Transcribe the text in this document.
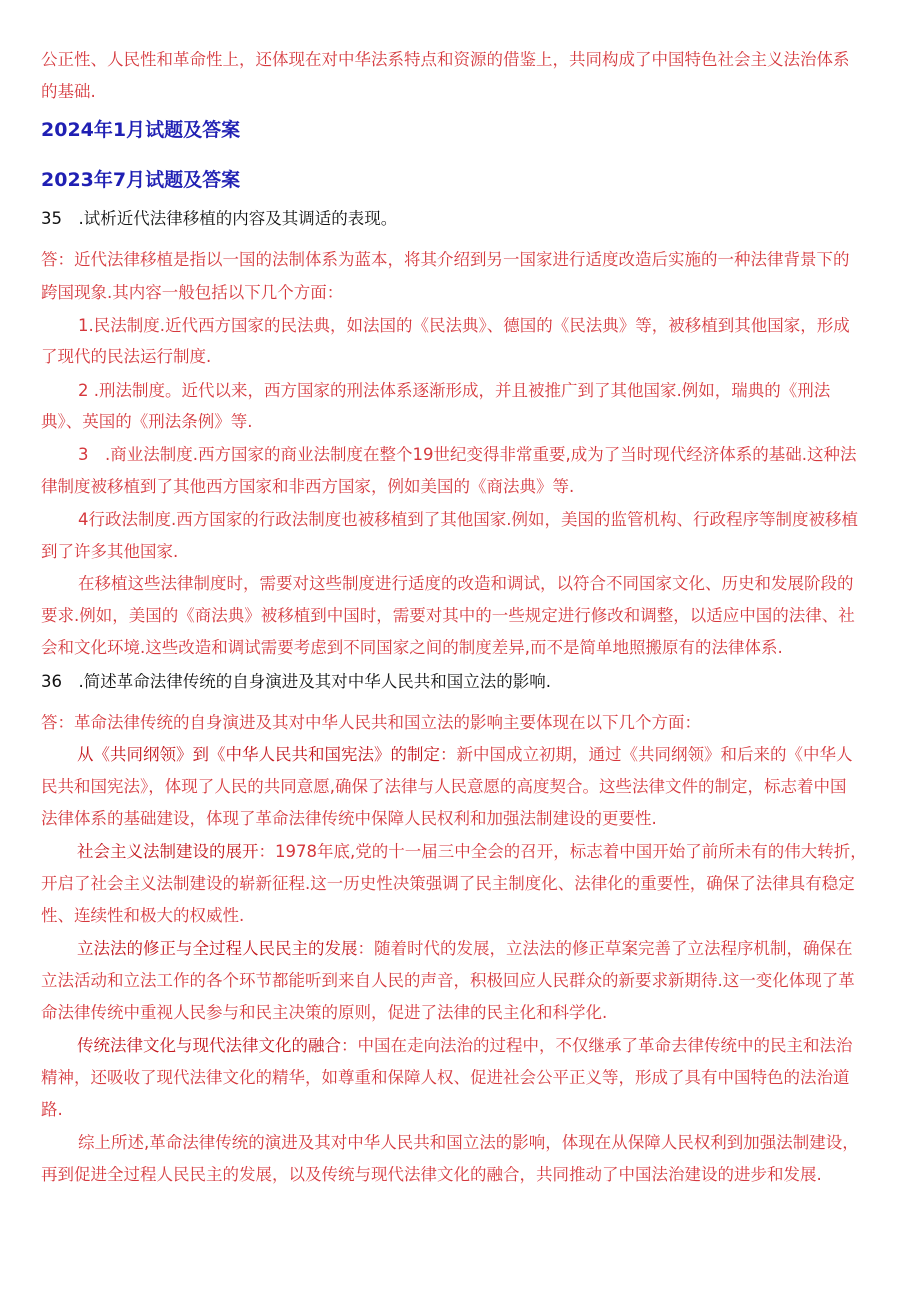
公正性、人民性和革命性上，还体现在对中华法系特点和资源的借鉴上，共同构成了中国特色社会主义法治体系
的基础.
2024年1月试题及答案
2023年7月试题及答案
35　.试析近代法律移植的内容及其调适的表现。
答：近代法律移植是指以一国的法制体系为蓝本，将其介绍到另一国家进行适度改造后实施的一种法律背景下的
跨国现象.其内容一般包括以下几个方面：
1.民法制度.近代西方国家的民法典，如法国的《民法典》、德国的《民法典》等，被移植到其他国家，形成
了现代的民法运行制度.
2 .刑法制度。近代以来，西方国家的刑法体系逐渐形成，并且被推广到了其他国家.例如，瑞典的《刑法
典》、英国的《刑法条例》等.
3　.商业法制度.西方国家的商业法制度在整个19世纪变得非常重要,成为了当时现代经济体系的基础.这种法
律制度被移植到了其他西方国家和非西方国家，例如美国的《商法典》等.
4行政法制度.西方国家的行政法制度也被移植到了其他国家.例如，美国的监管机构、行政程序等制度被移植
到了许多其他国家.
在移植这些法律制度时，需要对这些制度进行适度的改造和调试，以符合不同国家文化、历史和发展阶段的
要求.例如，美国的《商法典》被移植到中国时，需要对其中的一些规定进行修改和调整，以适应中国的法律、社
会和文化环境.这些改造和调试需要考虑到不同国家之间的制度差异,而不是简单地照搬原有的法律体系.
36　.简述革命法律传统的自身演进及其对中华人民共和国立法的影响.
答：革命法律传统的自身演进及其对中华人民共和国立法的影响主要体现在以下几个方面：
从《共同纲领》到《中华人民共和国宪法》的制定：新中国成立初期，通过《共同纲领》和后来的《中华人
民共和国宪法》，体现了人民的共同意愿,确保了法律与人民意愿的高度契合。这些法律文件的制定，标志着中国
法律体系的基础建设，体现了革命法律传统中保障人民权利和加强法制建设的更要性.
社会主义法制建设的展开：1978年底,党的十一届三中全会的召开，标志着中国开始了前所未有的伟大转折，
开启了社会主义法制建设的崭新征程.这一历史性决策强调了民主制度化、法律化的重要性，确保了法律具有稳定
性、连续性和极大的权威性.
立法法的修正与全过程人民民主的发展：随着时代的发展，立法法的修正草案完善了立法程序机制，确保在
立法活动和立法工作的各个环节都能听到来自人民的声音，积极回应人民群众的新要求新期待.这一变化体现了革
命法律传统中重视人民参与和民主决策的原则，促进了法律的民主化和科学化.
传统法律文化与现代法律文化的融合：中国在走向法治的过程中，不仅继承了革命去律传统中的民主和法治
精神，还吸收了现代法律文化的精华，如尊重和保障人权、促进社会公平正义等，形成了具有中国特色的法治道
路.
综上所述,革命法律传统的演进及其对中华人民共和国立法的影响，体现在从保障人民权利到加强法制建设，
再到促进全过程人民民主的发展，以及传统与现代法律文化的融合，共同推动了中国法治建设的进步和发展.
